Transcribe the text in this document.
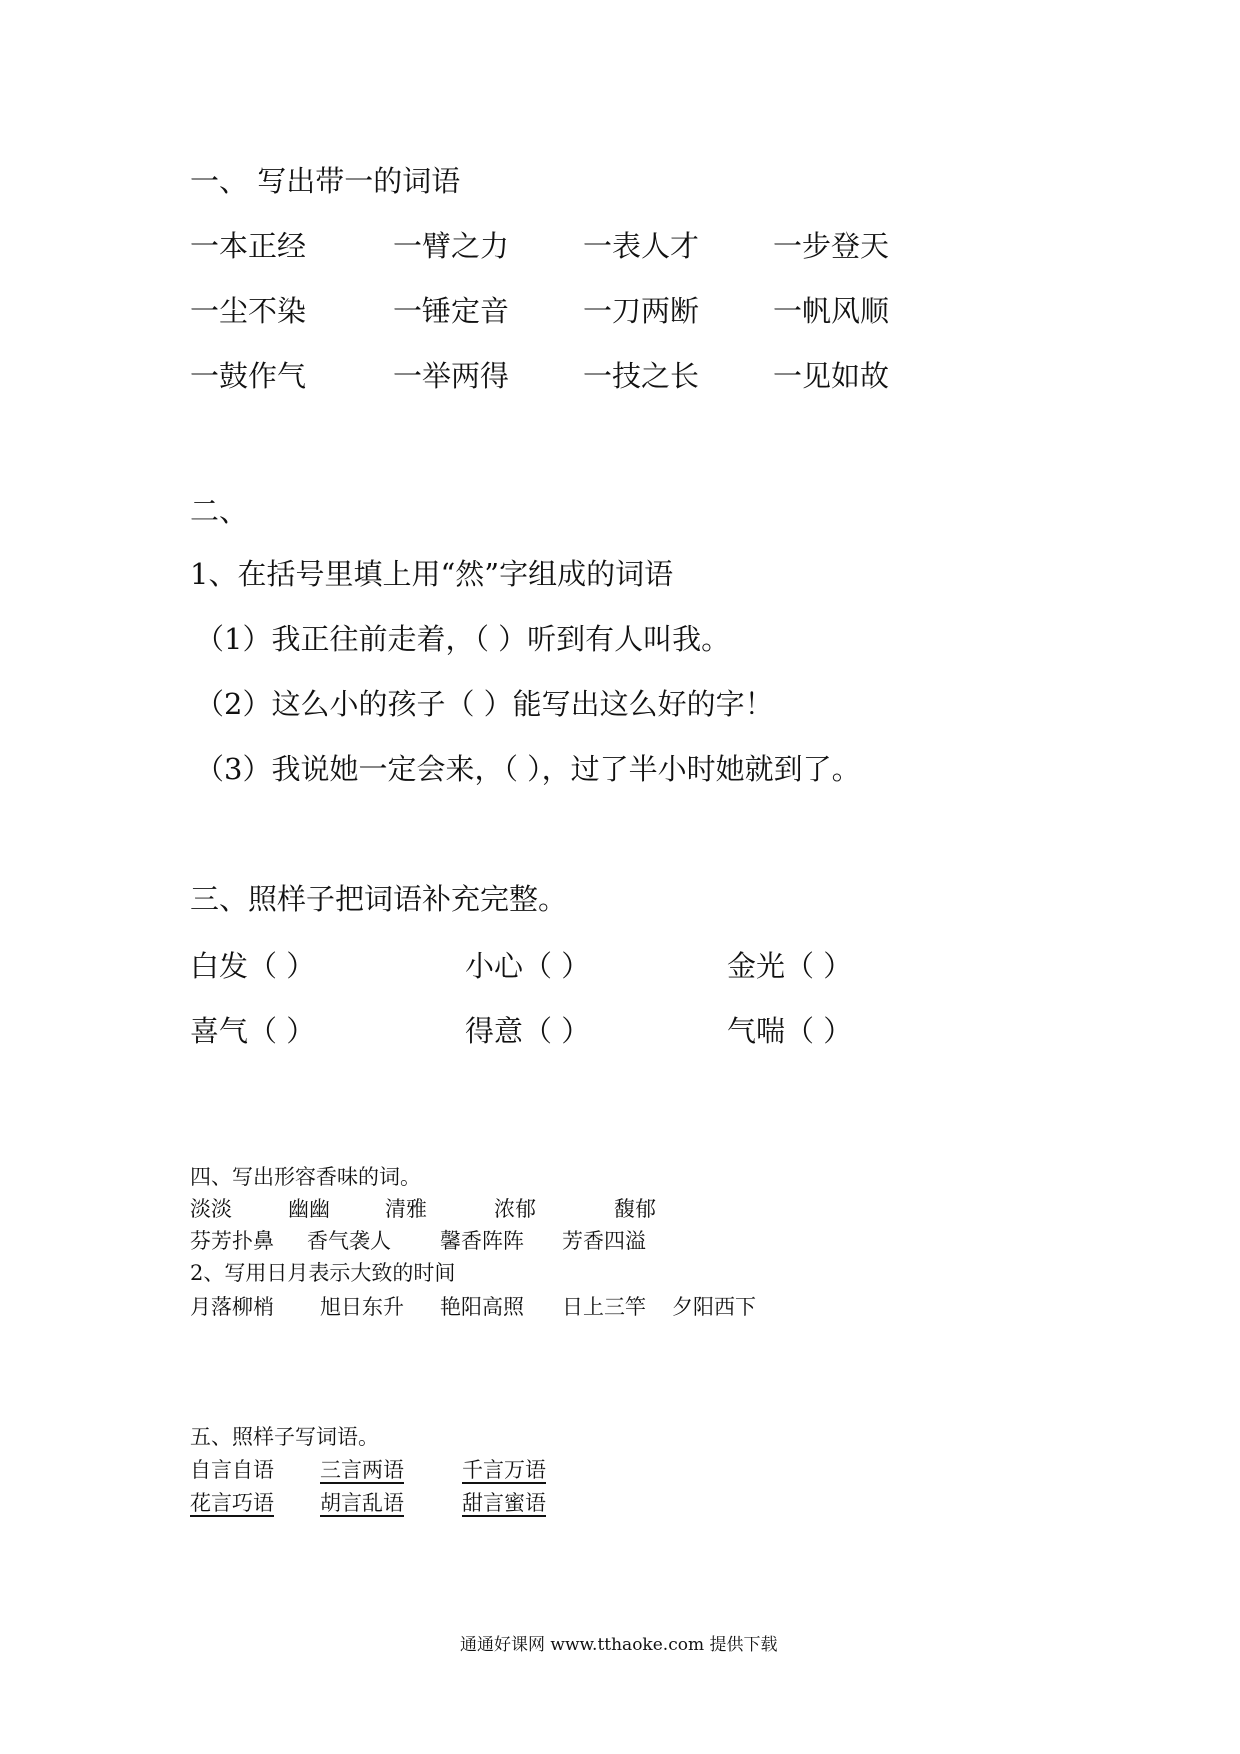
一、 写出带一的词语
一本正经	一臂之力	一表人才	一步登天
一尘不染	一锤定音	一刀两断	一帆风顺
一鼓作气	一举两得	一技之长	一见如故
二、
1、在括号里填上用“然”字组成的词语
（1）我正往前走着，（ ）听到有人叫我。
（2）这么小的孩子（ ）能写出这么好的字！
（3）我说她一定会来，（ ），过了半小时她就到了。
三、照样子把词语补充完整。
白发（ ）	小心（ ）	金光（ ）
喜气（ ）	得意（ ）	气喘（ ）
四、写出形容香味的词。
淡淡	幽幽	清雅	浓郁	馥郁
芬芳扑鼻 香气袭人 馨香阵阵 芳香四溢
2、写用日月表示大致的时间
月落柳梢 旭日东升 艳阳高照 日上三竿 夕阳西下
五、照样子写词语。
自言自语 三言两语	千言万语
花言巧语 胡言乱语	甜言蜜语
通通好课网 www.tthaoke.com 提供下载
